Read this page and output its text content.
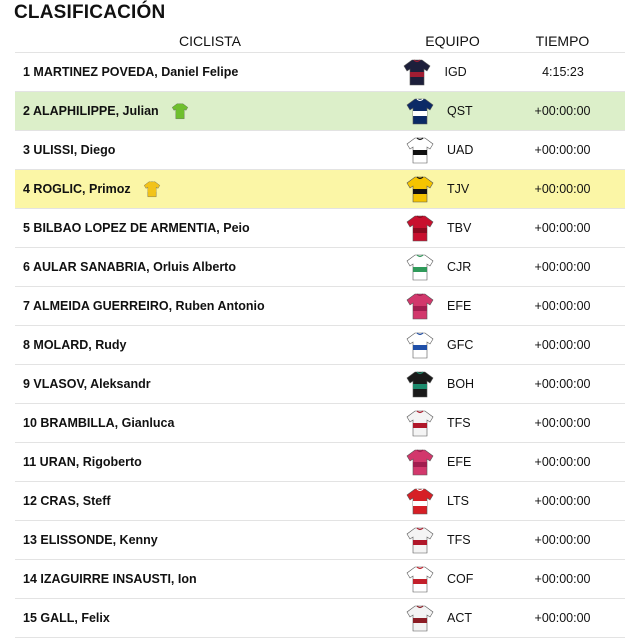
CLASIFICACIÓN
CICLISTA	EQUIPO	TIEMPO
1 MARTINEZ POVEDA, Daniel Felipe	IGD	4:15:23
2 ALAPHILIPPE, Julian	QST	+00:00:00
3 ULISSI, Diego	UAD	+00:00:00
4 ROGLIC, Primoz	TJV	+00:00:00
5 BILBAO LOPEZ DE ARMENTIA, Peio	TBV	+00:00:00
6 AULAR SANABRIA, Orluis Alberto	CJR	+00:00:00
7 ALMEIDA GUERREIRO, Ruben Antonio	EFE	+00:00:00
8 MOLARD, Rudy	GFC	+00:00:00
9 VLASOV, Aleksandr	BOH	+00:00:00
10 BRAMBILLA, Gianluca	TFS	+00:00:00
11 URAN, Rigoberto	EFE	+00:00:00
12 CRAS, Steff	LTS	+00:00:00
13 ELISSONDE, Kenny	TFS	+00:00:00
14 IZAGUIRRE INSAUSTI, Ion	COF	+00:00:00
15 GALL, Felix	ACT	+00:00:00
